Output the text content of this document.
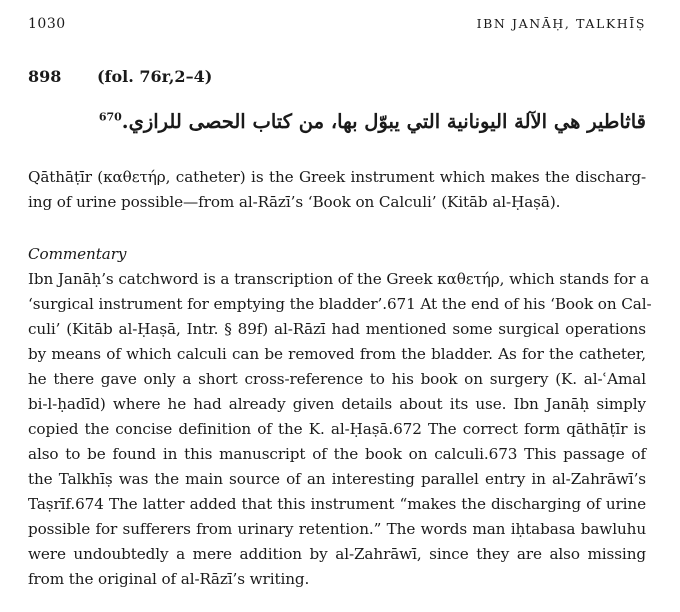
1030	IBN JANĀḤ, TALKHĪṢ
898 (fol. 76r,2–4)
قاثاطير هي الآلة اليونانية التي يبوّل بها، من كتاب الحصى للرازي.$^{670}$
Qāthāṭīr (καθετήρ, catheter) is the Greek instrument which makes the discharg-
ing of urine possible—from al-Rāzī’s ‘Book on Calculi’ (Kitāb al-Ḥaṣā).
Commentary
Ibn Janāḥ’s catchword is a transcription of the Greek καθετήρ, which stands for a
‘surgical instrument for emptying the bladder’.671 At the end of his ‘Book on Cal-
culi’ (Kitāb al-Ḥaṣā, Intr. § 89f) al-Rāzī had mentioned some surgical operations
by means of which calculi can be removed from the bladder. As for the catheter,
he there gave only a short cross-reference to his book on surgery (K. al-ʿAmal
bi-l-ḥadīd) where he had already given details about its use. Ibn Janāḥ simply
copied the concise definition of the K. al-Ḥaṣā.672 The correct form qāthāṭīr is
also to be found in this manuscript of the book on calculi.673 This passage of
the Talkhīṣ was the main source of an interesting parallel entry in al-Zahrāwī’s
Taṣrīf.674 The latter added that this instrument “makes the discharging of urine
possible for sufferers from urinary retention.” The words man iḥtabasa bawluhu
were undoubtedly a mere addition by al-Zahrāwī, since they are also missing
from the original of al-Rāzī’s writing.
